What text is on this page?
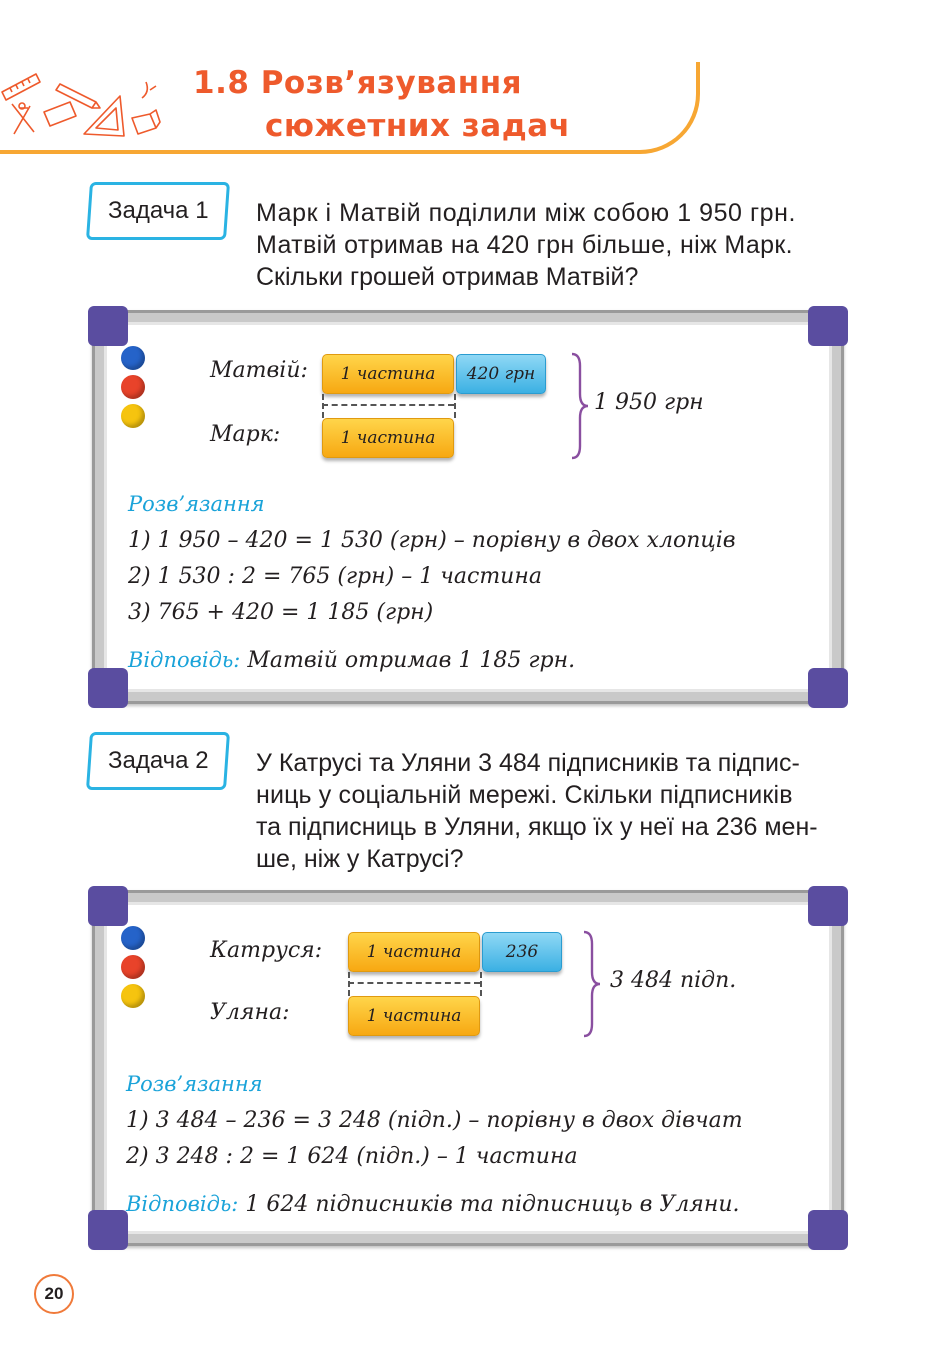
1.8 Розв’язування
сюжетних задач
Задача 1 Марк і Матвій поділили між собою 1 950 грн.
Матвій отримав на 420 грн більше, ніж Марк.
Скільки грошей отримав Матвій?
Матвій:
Марк:
1 частина	420 грн
1 частина
1 950 грн
Розв’язання
1) 1 950 – 420 = 1 530 (грн) – порівну в двох хлопців
2) 1 530 : 2 = 765 (грн) – 1 частина
3) 765 + 420 = 1 185 (грн)
Відповідь: Матвій отримав 1 185 грн.
Задача 2 У Катрусі та Уляни 3 484 підписників та підпис-
ниць у соціальній мережі. Скільки підписників
та підписниць в Уляни, якщо їх у неї на 236 мен-
ше, ніж у Катрусі?
Катруся:
Уляна:
1 частина	236
1 частина
3 484 підп.
Розв’язання
1) 3 484 – 236 = 3 248 (підп.) – порівну в двох дівчат
2) 3 248 : 2 = 1 624 (підп.) – 1 частина
Відповідь: 1 624 підписників та підписниць в Уляни.
20
